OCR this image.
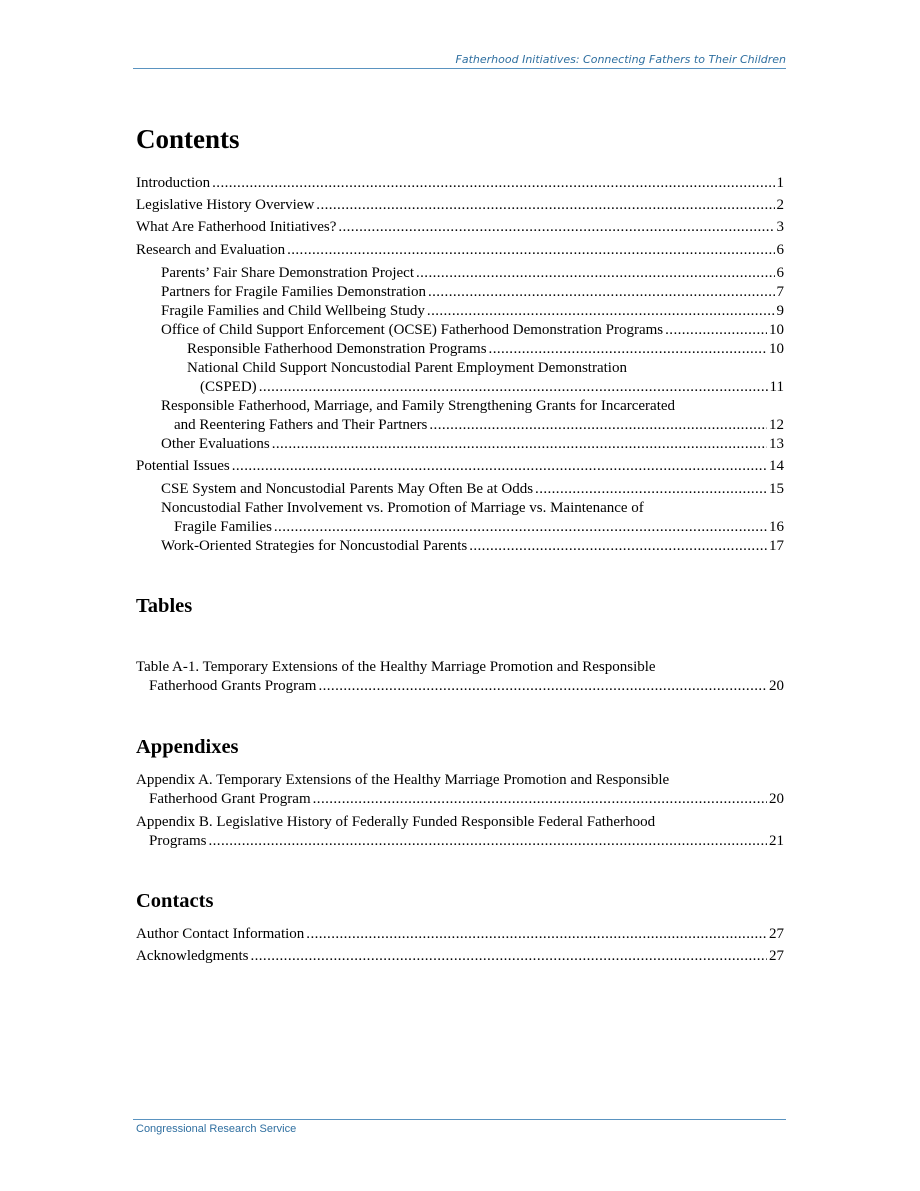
Fatherhood Initiatives: Connecting Fathers to Their Children
Contents
Introduction .....	1
Legislative History Overview .....	2
What Are Fatherhood Initiatives? .....	3
Research and Evaluation .....	6
Parents’ Fair Share Demonstration Project .....	6
Partners for Fragile Families Demonstration .....	7
Fragile Families and Child Wellbeing Study .....	9
Office of Child Support Enforcement (OCSE) Fatherhood Demonstration Programs .....	10
Responsible Fatherhood Demonstration Programs .....	10
National Child Support Noncustodial Parent Employment Demonstration
(CSPED) .....	11
Responsible Fatherhood, Marriage, and Family Strengthening Grants for Incarcerated
and Reentering Fathers and Their Partners .....	12
Other Evaluations .....	13
Potential Issues .....	14
CSE System and Noncustodial Parents May Often Be at Odds .....	15
Noncustodial Father Involvement vs. Promotion of Marriage vs. Maintenance of
Fragile Families .....	16
Work-Oriented Strategies for Noncustodial Parents .....	17
Tables
Table A-1. Temporary Extensions of the Healthy Marriage Promotion and Responsible
Fatherhood Grants Program .....	20
Appendixes
Appendix A. Temporary Extensions of the Healthy Marriage Promotion and Responsible
Fatherhood Grant Program .....	20
Appendix B. Legislative History of Federally Funded Responsible Federal Fatherhood
Programs .....	21
Contacts
Author Contact Information .....	27
Acknowledgments .....	27
Congressional Research Service
